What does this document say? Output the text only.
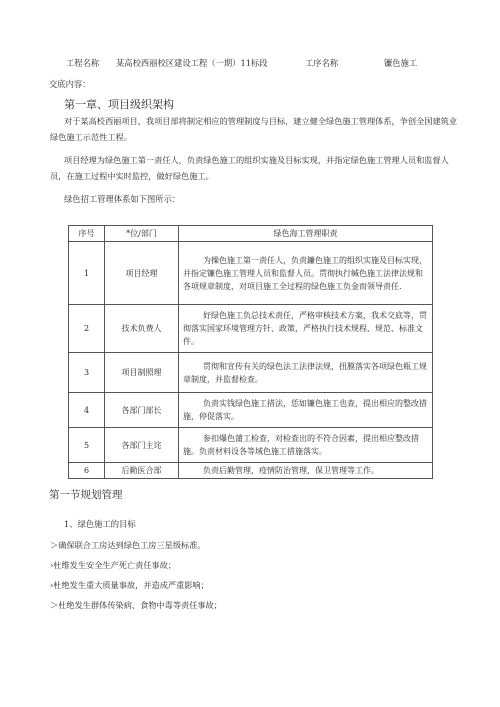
工程名称 某高校西丽校区建设工程（一期）11标段	工序名称	镰色施工
交底内容：
第一章、项目级织架构
对于某高校西丽项目，我项目部将制定相应的管理制度与目标，建立健全绿色施工管理体系，争创全国建筑业绿色施工示范性工程。
项目经理为绿色施工第一责任人，负责绿色施工的组织实施及目标实现，并指定绿色施工管理人员和监督人员，在施工过程中实时监控，做好绿色施工。
绿色招工管理体系如下图所示：
序号	*位/部门	绿色海工管理职责
1	项目经理	为操色施工第一责任人，负责鐮色施工的组织实施及目标实现，并指定镰色施工管理人员和监督人员。贯彻执行缄色施工法律法规和各项规章制度，对项目施工全过程的绿色施工负金而领导责任.
2	技术负费人	好绿色施工负总技术责任，严格审核技术方案，我术交底等，贯彻落实国家环境管理方针、政策，严格执行技术规程、规范、标准文件。
3	项目制照理	贯彻和宣传有关的绿色法工法律法规，扭膜落实各项绿色瓶工规章制度，并监督检查。
4	各部门部长	负责实钱绿色施工措法，恁如镰色施工也查，提出相应的整改措施，停促落实。
5	各部门主诧	参扣爆色蒲工检查，对检查出的不符合因素，提出相应整改措施。负责材料设各等域色施工措施落实。
6	后勤医合部	负责后勤管理，疫情防治管理，保卫管理等工作。
第一节规划管理
1、绿色施工的目标
＞确保联合工房达到绿色工房三星级标准。
›杜维发生安全生产死亡责任事故；
›杜绝发生重大质量事故，并造成严重影响；
＞杜绝发生群体传染病、食物中毒等责任事故；
